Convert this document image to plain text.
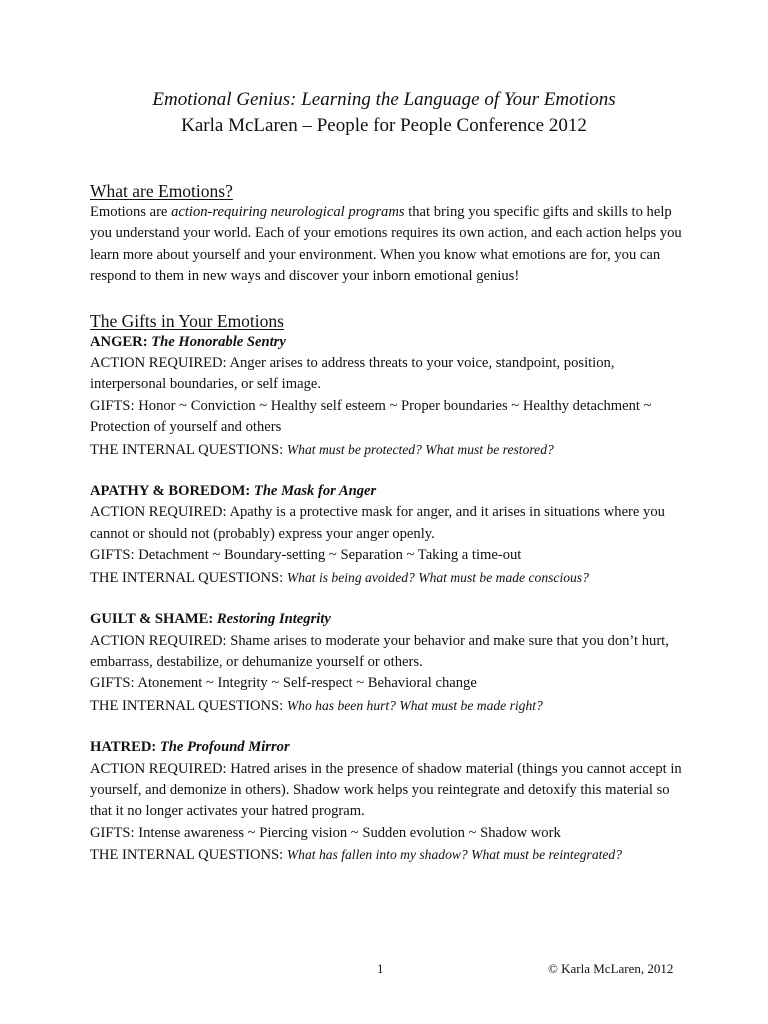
Emotional Genius: Learning the Language of Your Emotions
Karla McLaren – People for People Conference 2012

What are Emotions?

Emotions are action-requiring neurological programs that bring you specific gifts and skills to help you understand your world. Each of your emotions requires its own action, and each action helps you learn more about yourself and your environment. When you know what emotions are for, you can respond to them in new ways and discover your inborn emotional genius!

The Gifts in Your Emotions

ANGER: The Honorable Sentry

ACTION REQUIRED: Anger arises to address threats to your voice, standpoint, position, interpersonal boundaries, or self image.

GIFTS: Honor ~ Conviction ~ Healthy self esteem ~ Proper boundaries ~ Healthy detachment ~ Protection of yourself and others

THE INTERNAL QUESTIONS: What must be protected? What must be restored?

APATHY & BOREDOM: The Mask for Anger

ACTION REQUIRED: Apathy is a protective mask for anger, and it arises in situations where you cannot or should not (probably) express your anger openly.

GIFTS: Detachment ~ Boundary-setting ~ Separation ~ Taking a time-out

THE INTERNAL QUESTIONS: What is being avoided? What must be made conscious?

GUILT & SHAME: Restoring Integrity

ACTION REQUIRED: Shame arises to moderate your behavior and make sure that you don’t hurt, embarrass, destabilize, or dehumanize yourself or others.

GIFTS: Atonement ~ Integrity ~ Self-respect ~ Behavioral change

THE INTERNAL QUESTIONS: Who has been hurt? What must be made right?

HATRED: The Profound Mirror

ACTION REQUIRED: Hatred arises in the presence of shadow material (things you cannot accept in yourself, and demonize in others). Shadow work helps you reintegrate and detoxify this material so that it no longer activates your hatred program.

GIFTS: Intense awareness ~ Piercing vision ~ Sudden evolution ~ Shadow work

THE INTERNAL QUESTIONS: What has fallen into my shadow? What must be reintegrated?

1	© Karla McLaren, 2012
